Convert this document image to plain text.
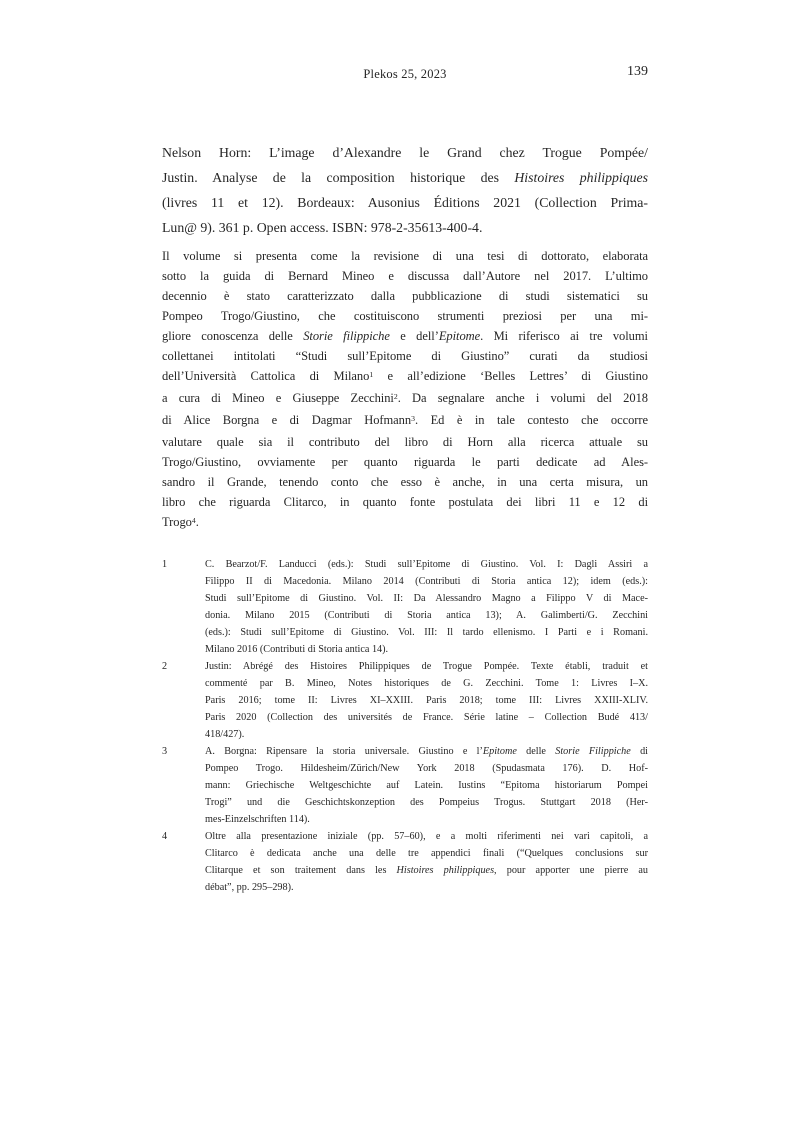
Plekos 25, 2023	139
Nelson Horn: L’image d’Alexandre le Grand chez Trogue Pompée/
Justin. Analyse de la composition historique des Histoires philippiques
(livres 11 et 12). Bordeaux: Ausonius Éditions 2021 (Collection Prima-
Lun@ 9). 361 p. Open access. ISBN: 978-2-35613-400-4.
Il volume si presenta come la revisione di una tesi di dottorato, elaborata
sotto la guida di Bernard Mineo e discussa dall’Autore nel 2017. L’ultimo
decennio è stato caratterizzato dalla pubblicazione di studi sistematici su
Pompeo Trogo/Giustino, che costituiscono strumenti preziosi per una mi-
gliore conoscenza delle Storie filippiche e dell’Epitome. Mi riferisco ai tre volumi
collettanei intitolati “Studi sull’Epitome di Giustino” curati da studiosi
dell’Università Cattolica di Milano$^1$ e all’edizione ‘Belles Lettres’ di Giustino
a cura di Mineo e Giuseppe Zecchini$^2$. Da segnalare anche i volumi del 2018
di Alice Borgna e di Dagmar Hofmann$^3$. Ed è in tale contesto che occorre
valutare quale sia il contributo del libro di Horn alla ricerca attuale su
Trogo/Giustino, ovviamente per quanto riguarda le parti dedicate ad Ales-
sandro il Grande, tenendo conto che esso è anche, in una certa misura, un
libro che riguarda Clitarco, in quanto fonte postulata dei libri 11 e 12 di
Trogo$^4$.
1	C. Bearzot/F. Landucci (eds.): Studi sull’Epitome di Giustino. Vol. I: Dagli Assiri a
Filippo II di Macedonia. Milano 2014 (Contributi di Storia antica 12); idem (eds.):
Studi sull’Epitome di Giustino. Vol. II: Da Alessandro Magno a Filippo V di Mace-
donia. Milano 2015 (Contributi di Storia antica 13); A. Galimberti/G. Zecchini
(eds.): Studi sull’Epitome di Giustino. Vol. III: Il tardo ellenismo. I Parti e i Romani.
Milano 2016 (Contributi di Storia antica 14).
2	Justin: Abrégé des Histoires Philippiques de Trogue Pompée. Texte établi, traduit et
commenté par B. Mineo, Notes historiques de G. Zecchini. Tome 1: Livres I–X.
Paris 2016; tome II: Livres XI–XXIII. Paris 2018; tome III: Livres XXIII-XLIV.
Paris 2020 (Collection des universités de France. Série latine – Collection Budé 413/
418/427).
3	A. Borgna: Ripensare la storia universale. Giustino e l’Epitome delle Storie Filippiche di
Pompeo Trogo. Hildesheim/Zürich/New York 2018 (Spudasmata 176). D. Hof-
mann: Griechische Weltgeschichte auf Latein. Iustins “Epitoma historiarum Pompei
Trogi” und die Geschichtskonzeption des Pompeius Trogus. Stuttgart 2018 (Her-
mes-Einzelschriften 114).
4	Oltre alla presentazione iniziale (pp. 57–60), e a molti riferimenti nei vari capitoli, a
Clitarco è dedicata anche una delle tre appendici finali (“Quelques conclusions sur
Clitarque et son traitement dans les Histoires philippiques, pour apporter une pierre au
débat”, pp. 295–298).
